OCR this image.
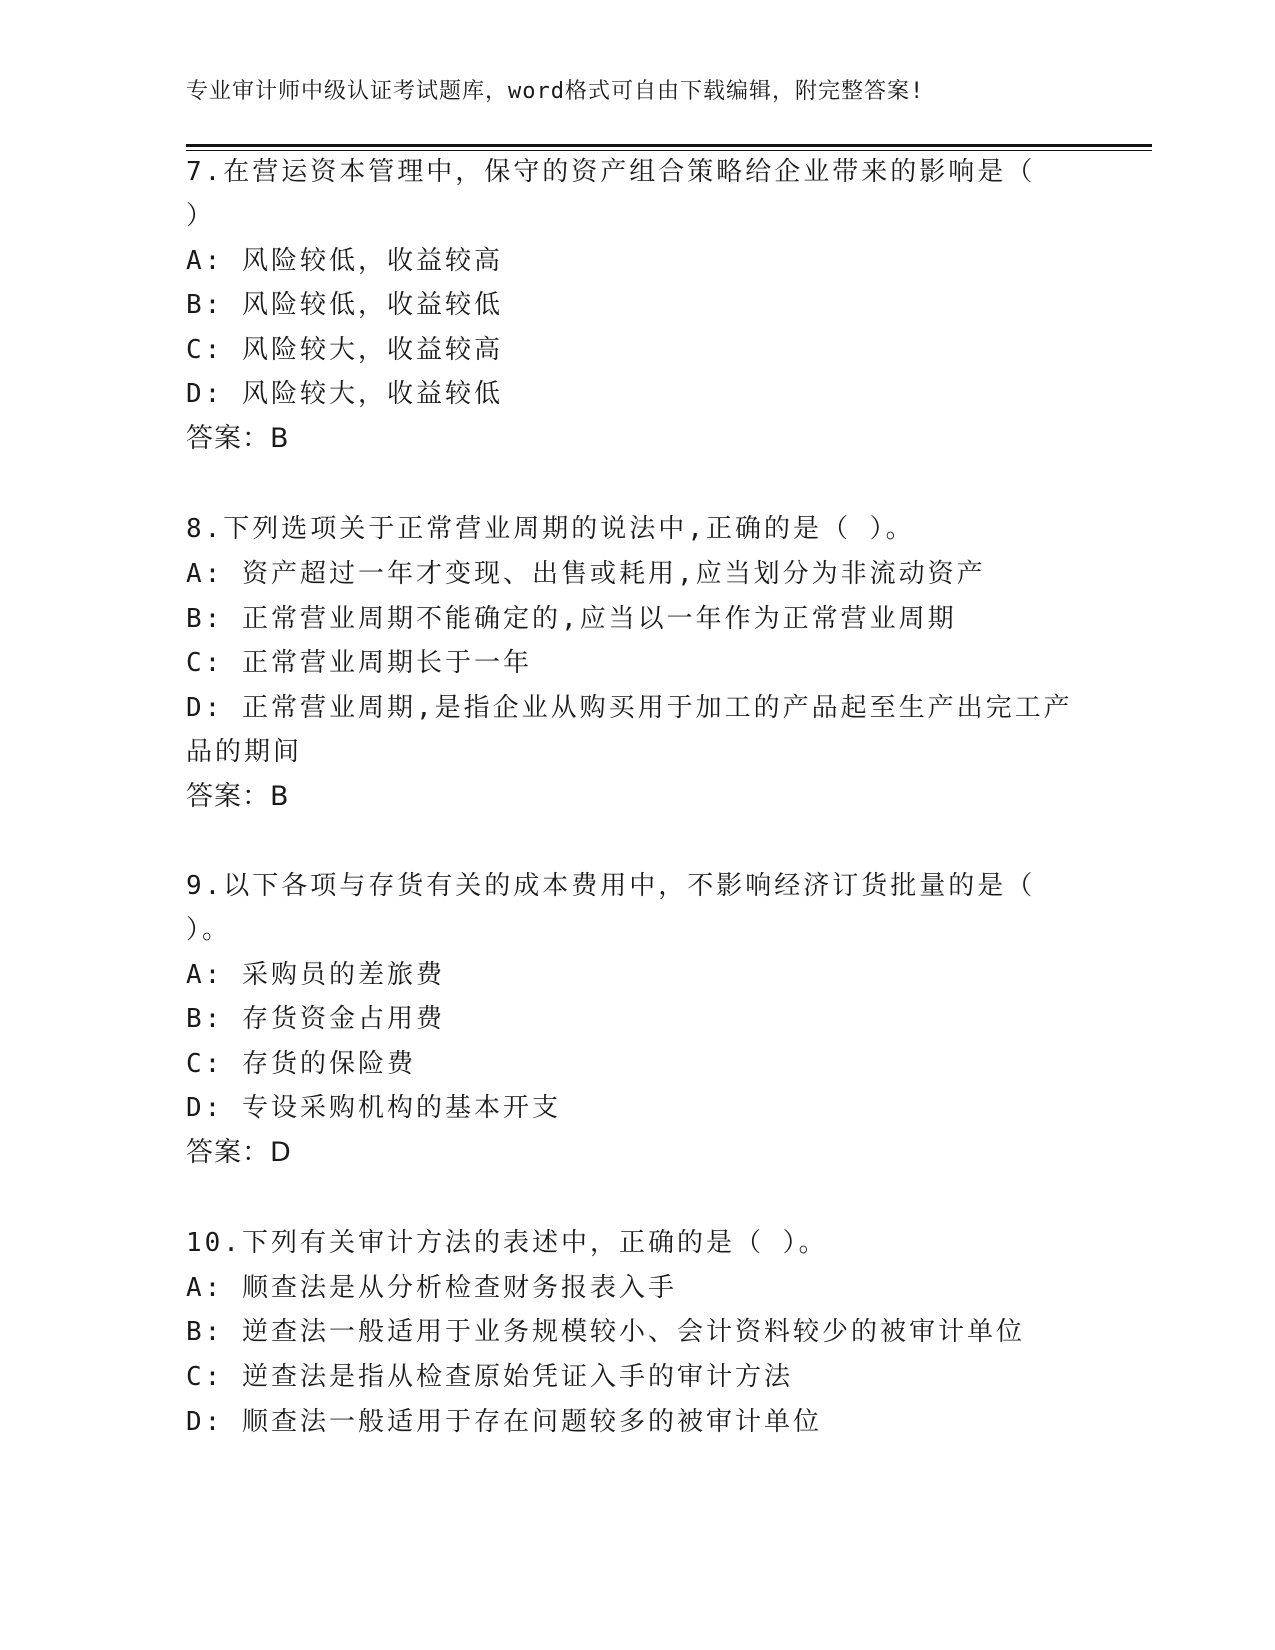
专业审计师中级认证考试题库，word格式可自由下载编辑，附完整答案!
7.在营运资本管理中，保守的资产组合策略给企业带来的影响是（
）
A: 风险较低，收益较高
B: 风险较低，收益较低
C: 风险较大，收益较高
D: 风险较大，收益较低
答案：B
8.下列选项关于正常营业周期的说法中,正确的是（ ）。
A: 资产超过一年才变现、出售或耗用,应当划分为非流动资产
B: 正常营业周期不能确定的,应当以一年作为正常营业周期
C: 正常营业周期长于一年
D: 正常营业周期,是指企业从购买用于加工的产品起至生产出完工产
品的期间
答案：B
9.以下各项与存货有关的成本费用中，不影响经济订货批量的是（
）。
A: 采购员的差旅费
B: 存货资金占用费
C: 存货的保险费
D: 专设采购机构的基本开支
答案：D
10.下列有关审计方法的表述中，正确的是（ ）。
A: 顺查法是从分析检查财务报表入手
B: 逆查法一般适用于业务规模较小、会计资料较少的被审计单位
C: 逆查法是指从检查原始凭证入手的审计方法
D: 顺查法一般适用于存在问题较多的被审计单位
